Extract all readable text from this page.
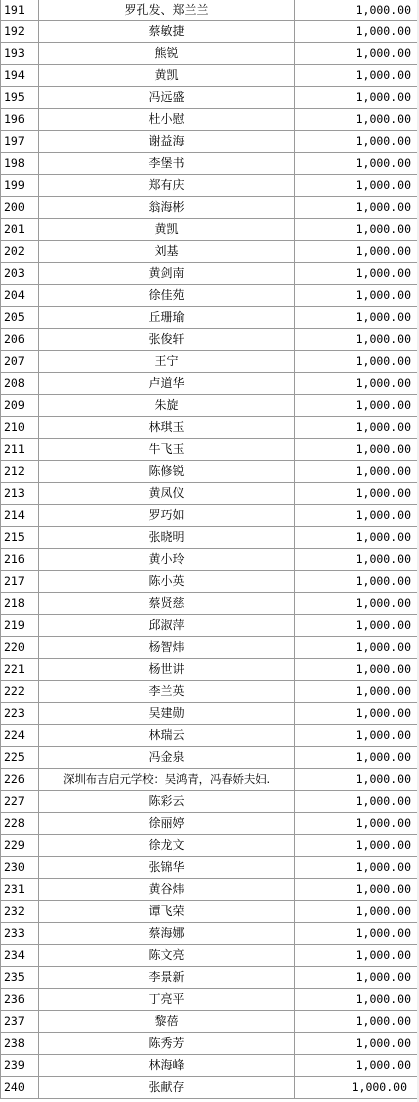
191	罗孔发、郑兰兰	1,000.00
192	蔡敏捷	1,000.00
193	熊锐	1,000.00
194	黄凯	1,000.00
195	冯远盛	1,000.00
196	杜小慰	1,000.00
197	谢益海	1,000.00
198	李堡书	1,000.00
199	郑有庆	1,000.00
200	翁海彬	1,000.00
201	黄凯	1,000.00
202	刘基	1,000.00
203	黄剑南	1,000.00
204	徐佳苑	1,000.00
205	丘珊瑜	1,000.00
206	张俊轩	1,000.00
207	王宁	1,000.00
208	卢道华	1,000.00
209	朱旋	1,000.00
210	林琪玉	1,000.00
211	牛飞玉	1,000.00
212	陈修锐	1,000.00
213	黄凤仪	1,000.00
214	罗巧如	1,000.00
215	张晓明	1,000.00
216	黄小玲	1,000.00
217	陈小英	1,000.00
218	蔡贤慈	1,000.00
219	邱淑萍	1,000.00
220	杨智炜	1,000.00
221	杨世讲	1,000.00
222	李兰英	1,000.00
223	吴建勋	1,000.00
224	林瑞云	1,000.00
225	冯金泉	1,000.00
226	深圳布吉启元学校：吴鸿青，冯春娇夫妇.	1,000.00
227	陈彩云	1,000.00
228	徐丽婷	1,000.00
229	徐龙文	1,000.00
230	张锦华	1,000.00
231	黄谷炜	1,000.00
232	谭飞荣	1,000.00
233	蔡海娜	1,000.00
234	陈文亮	1,000.00
235	李景新	1,000.00
236	丁亮平	1,000.00
237	黎蓓	1,000.00
238	陈秀芳	1,000.00
239	林海峰	1,000.00
240	张献存	1,000.00
